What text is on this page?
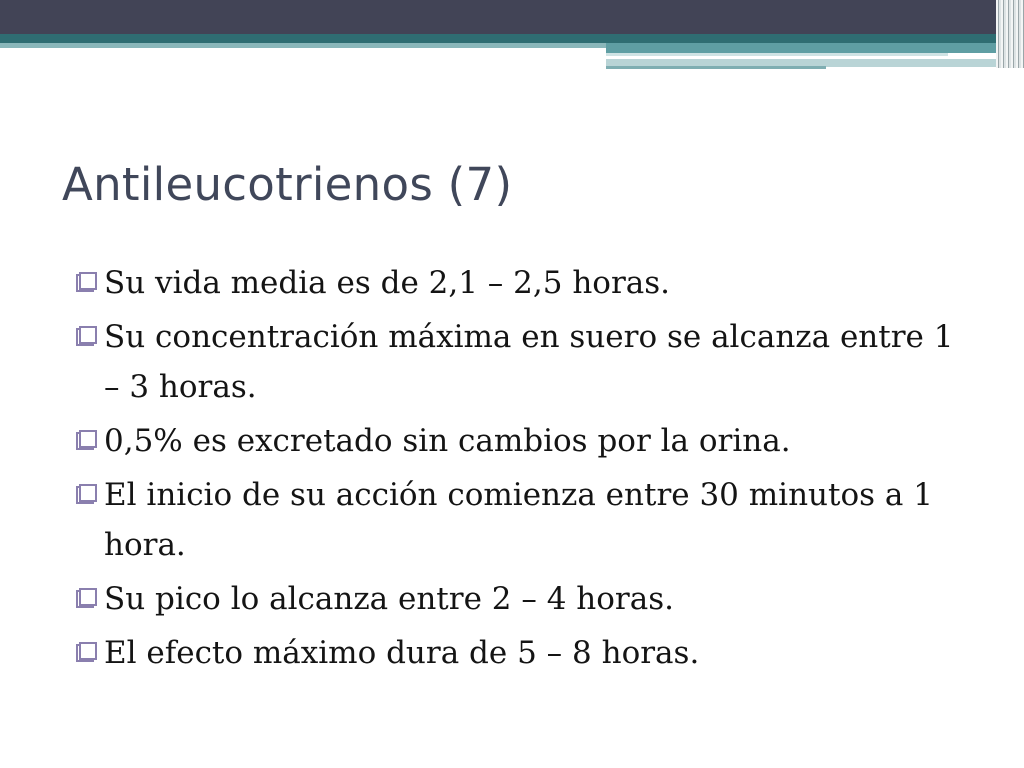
Antileucotrienos (7)
Su vida media es de 2,1 – 2,5 horas.
Su concentración máxima en suero se alcanza entre 1 – 3 horas.
0,5% es excretado sin cambios por la orina.
El inicio de su acción comienza entre 30 minutos a 1 hora.
Su pico lo alcanza entre 2 – 4 horas.
El efecto máximo dura de 5 – 8 horas.
